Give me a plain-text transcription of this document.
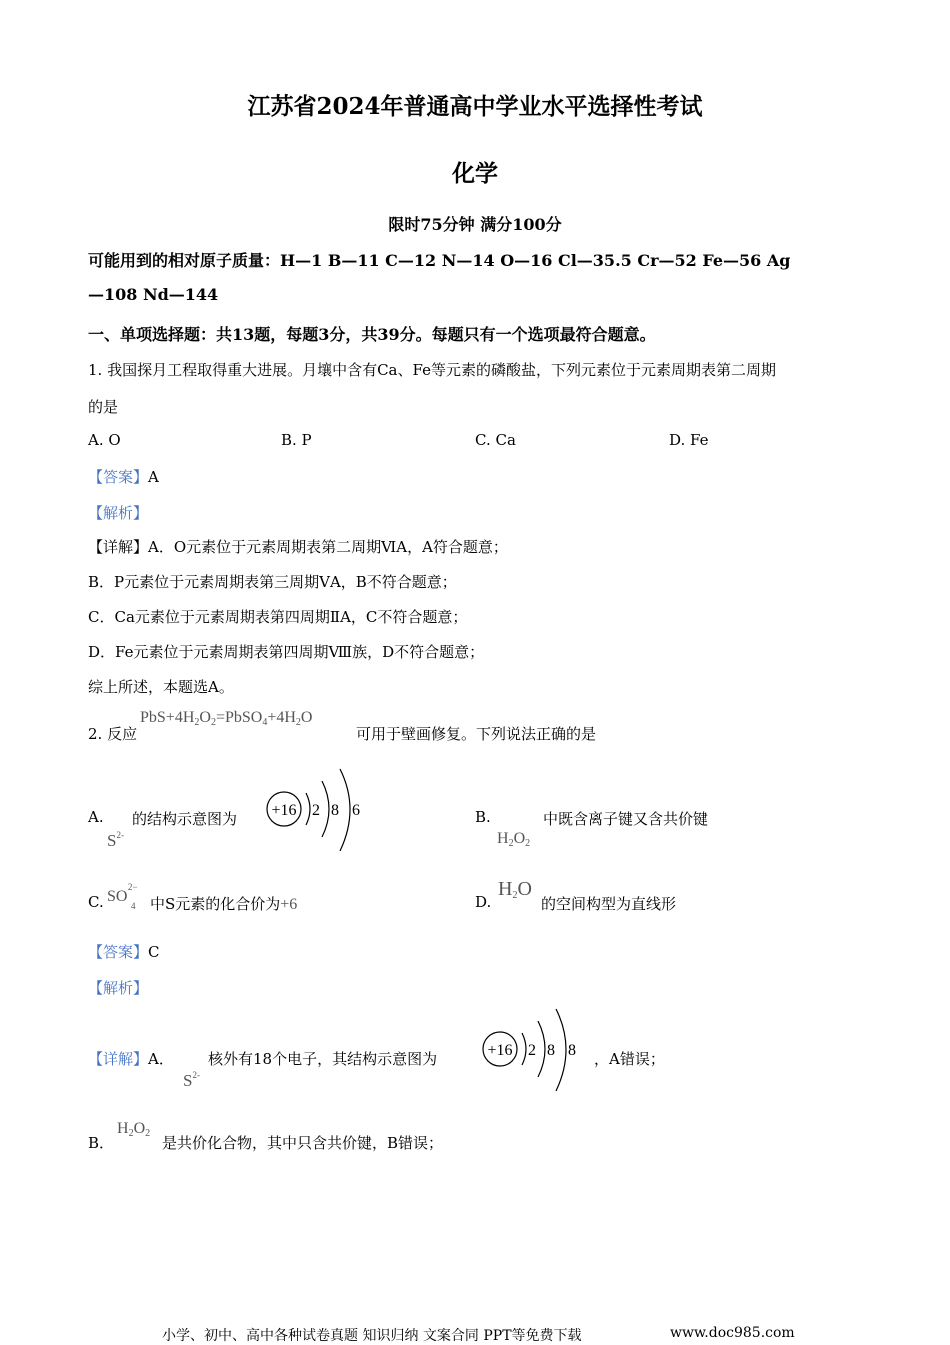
江苏省2024年普通高中学业水平选择性考试
化学
限时75分钟 满分100分
可能用到的相对原子质量：H—1 B—11 C—12 N—14 O—16 Cl—35.5 Cr—52 Fe—56 Ag
—108 Nd—144
一、单项选择题：共13题，每题3分，共39分。每题只有一个选项最符合题意。
1. 我国探月工程取得重大进展。月壤中含有Ca、Fe等元素的磷酸盐，下列元素位于元素周期表第二周期
的是
A. O	B. P	C. Ca	D. Fe
【答案】A
【解析】
【详解】A．O元素位于元素周期表第二周期ⅥA，A符合题意；
B．P元素位于元素周期表第三周期ⅤA，B不符合题意；
C．Ca元素位于元素周期表第四周期ⅡA，C不符合题意；
D．Fe元素位于元素周期表第四周期Ⅷ族，D不符合题意；
综上所述，本题选A。
2. 反应
$PbS+4H_2O_2=PbSO_4+4H_2O$
可用于壁画修复。下列说法正确的是
A.
$S^{2-}$
的结构示意图为 +16 2 8 6	B.
$H_2O_2$
中既含离子键又含共价键
C. SO
2−
4 中S元素的化合价为+6	D.
$H_2O$
的空间构型为直线形
【答案】C
【解析】
【详解】A．
$S^{2-}$
核外有18个电子，其结构示意图为	+16 2 8 8 ，A错误；
B．
$H_2O_2$
是共价化合物，其中只含共价键，B错误；
小学、初中、高中各种试卷真题 知识归纳 文案合同 PPT等免费下载	www.doc985.com
